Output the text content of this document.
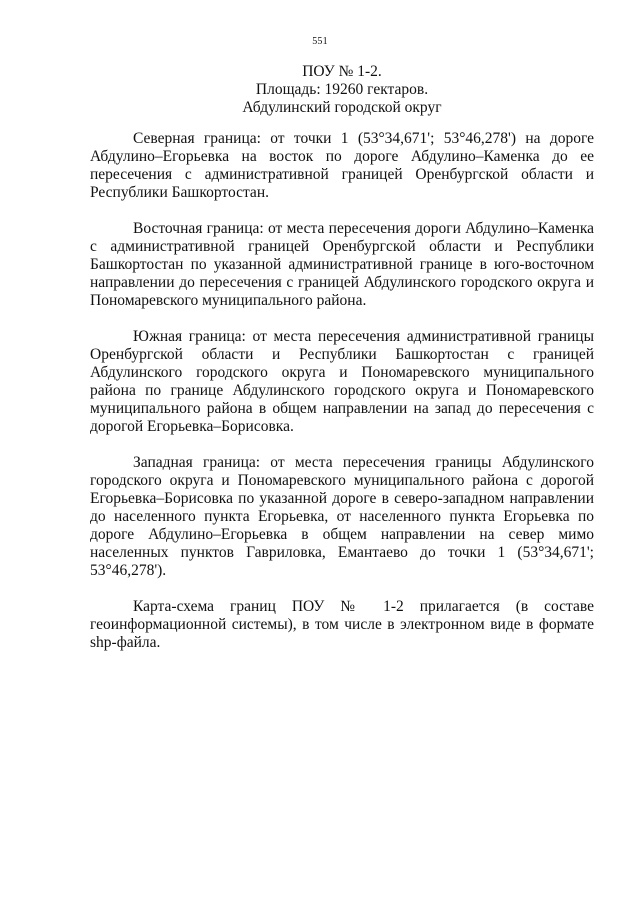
551
ПОУ № 1-2.
Площадь: 19260 гектаров.
Абдулинский городской округ

Северная граница: от точки 1 (53°34,671'; 53°46,278') на дороге Абдулино–Егорьевка на восток по дороге Абдулино–Каменка до ее пересечения с административной границей Оренбургской области и Республики Башкортостан.

Восточная граница: от места пересечения дороги Абдулино–Каменка с административной границей Оренбургской области и Республики Башкортостан по указанной административной границе в юго-восточном направлении до пересечения с границей Абдулинского городского округа и Пономаревского муниципального района.

Южная граница: от места пересечения административной границы Оренбургской области и Республики Башкортостан с границей Абдулинского городского округа и Пономаревского муниципального района по границе Абдулинского городского округа и Пономаревского муниципального района в общем направлении на запад до пересечения с дорогой Егорьевка–Борисовка.

Западная граница: от места пересечения границы Абдулинского городского округа и Пономаревского муниципального района с дорогой Егорьевка–Борисовка по указанной дороге в северо-западном направлении до населенного пункта Егорьевка, от населенного пункта Егорьевка по дороге Абдулино–Егорьевка в общем направлении на север мимо населенных пунктов Гавриловка, Емантаево до точки 1 (53°34,671'; 53°46,278').

Карта-схема границ ПОУ № 1-2 прилагается (в составе геоинформационной системы), в том числе в электронном виде в формате shp-файла.
